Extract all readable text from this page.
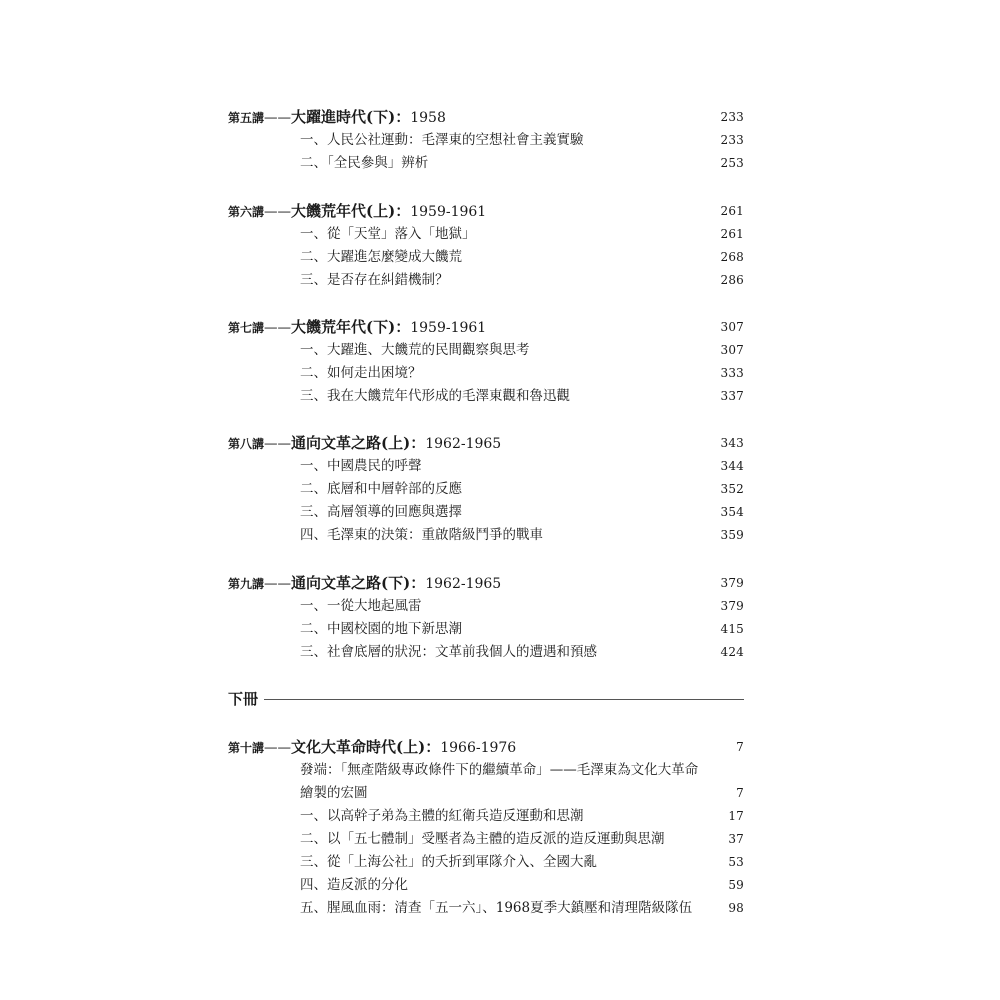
第五講——大躍進時代(下)：1958	233
一、人民公社運動：毛澤東的空想社會主義實驗	233
二、「全民參與」辨析	253
第六講——大饑荒年代(上)：1959-1961	261
一、從「天堂」落入「地獄」	261
二、大躍進怎麼變成大饑荒	268
三、是否存在糾錯機制？	286
第七講——大饑荒年代(下)：1959-1961	307
一、大躍進、大饑荒的民間觀察與思考	307
二、如何走出困境？	333
三、我在大饑荒年代形成的毛澤東觀和魯迅觀	337
第八講——通向文革之路(上)：1962-1965	343
一、中國農民的呼聲	344
二、底層和中層幹部的反應	352
三、高層領導的回應與選擇	354
四、毛澤東的決策：重啟階級鬥爭的戰車	359
第九講——通向文革之路(下)：1962-1965	379
一、一從大地起風雷	379
二、中國校園的地下新思潮	415
三、社會底層的狀況：文革前我個人的遭遇和預感	424
下冊
第十講——文化大革命時代(上)：1966-1976	7
發端：「無產階級專政條件下的繼續革命」——毛澤東為文化大革命
繪製的宏圖	7
一、以高幹子弟為主體的紅衛兵造反運動和思潮	17
二、以「五七體制」受壓者為主體的造反派的造反運動與思潮	37
三、從「上海公社」的夭折到軍隊介入、全國大亂	53
四、造反派的分化	59
五、腥風血雨：清查「五一六」、1968夏季大鎮壓和清理階級隊伍	98
